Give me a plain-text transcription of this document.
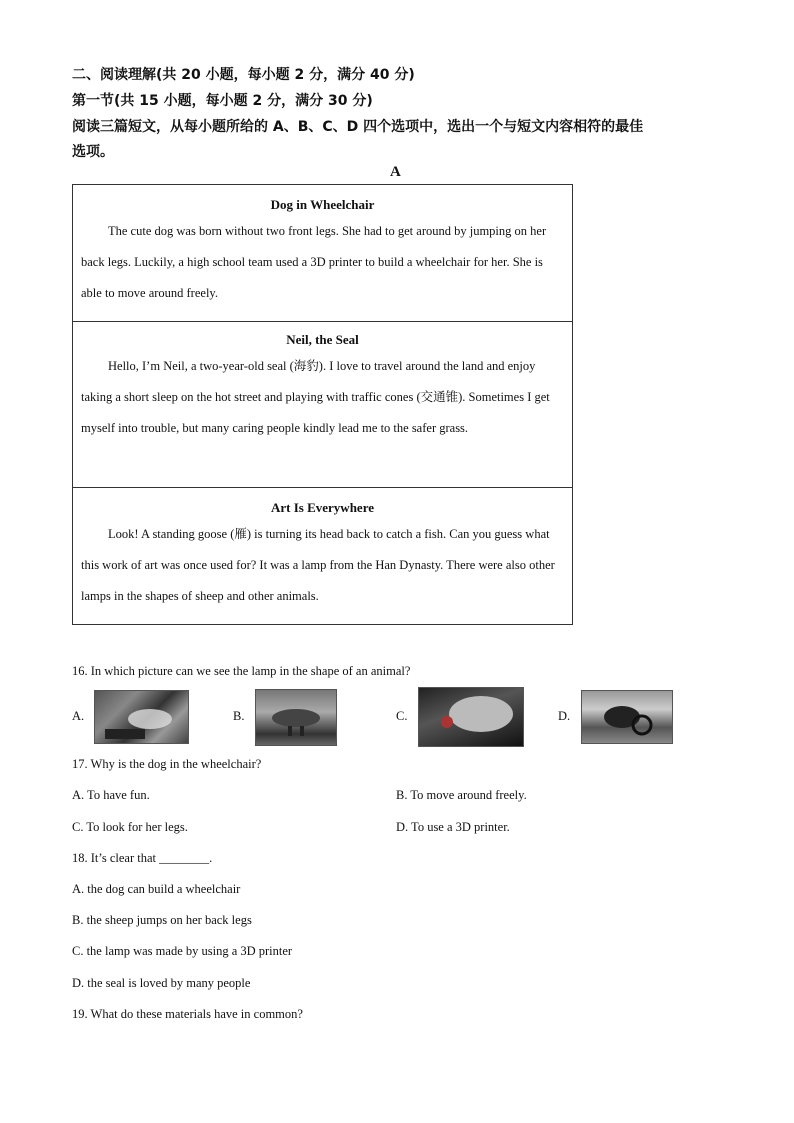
二、阅读理解(共 20 小题，每小题 2 分，满分 40 分)
第一节(共 15 小题，每小题 2 分，满分 30 分)
阅读三篇短文，从每小题所给的 A、B、C、D 四个选项中，选出一个与短文内容相符的最佳
选项。
A
Dog in Wheelchair
The cute dog was born without two front legs. She had to get around by jumping on her back legs. Luckily, a high school team used a 3D printer to build a wheelchair for her. She is able to move around freely.
Neil, the Seal
Hello, I’m Neil, a two-year-old seal (海豹). I love to travel around the land and enjoy taking a short sleep on the hot street and playing with traffic cones (交通锥). Sometimes I get myself into trouble, but many caring people kindly lead me to the safer grass.
Art Is Everywhere
Look! A standing goose (雁) is turning its head back to catch a fish. Can you guess what this work of art was once used for? It was a lamp from the Han Dynasty. There were also other lamps in the shapes of sheep and other animals.
16. In which picture can we see the lamp in the shape of an animal?
A.	B.	C.	D.
17. Why is the dog in the wheelchair?
A. To have fun.	B. To move around freely.
C. To look for her legs.	D. To use a 3D printer.
18. It’s clear that ________.
A. the dog can build a wheelchair
B. the sheep jumps on her back legs
C. the lamp was made by using a 3D printer
D. the seal is loved by many people
19. What do these materials have in common?
